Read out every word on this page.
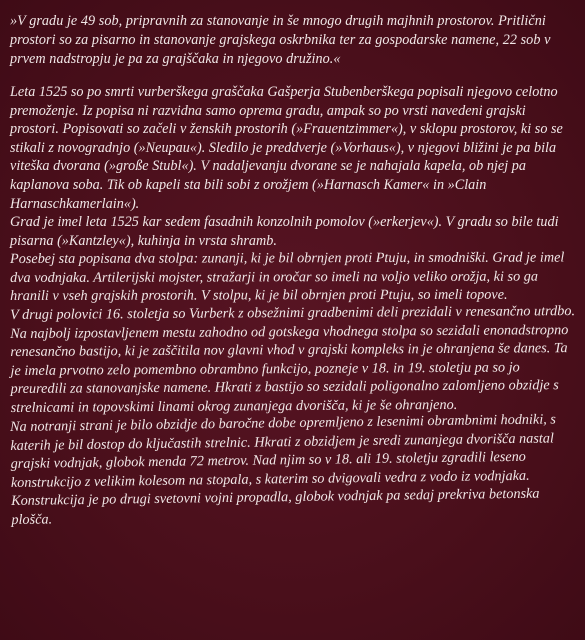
»V gradu je 49 sob, pripravnih za stanovanje in še mnogo drugih majhnih prostorov. Pritlični prostori so za pisarno in stanovanje grajskega oskrbnika ter za gospodarske namene, 22 sob v prvem nadstropju je pa za grajščaka in njegovo družino.«

Leta 1525 so po smrti vurberškega graščaka Gašperja Stubenberškega popisali njegovo celotno premoženje. Iz popisa ni razvidna samo oprema gradu, ampak so po vrsti navedeni grajski prostori. Popisovati so začeli v ženskih prostorih (»Frauentzimmer«), v sklopu prostorov, ki so se stikali z novogradnjo (»Neupau«). Sledilo je preddverje (»Vorhaus«), v njegovi bližini je pa bila viteška dvorana (»große Stubl«). V nadaljevanju dvorane se je nahajala kapela, ob njej pa kaplanova soba. Tik ob kapeli sta bili sobi z orožjem (»Harnasch Kamer« in »Clain Harnaschkamerlain«).

Grad je imel leta 1525 kar sedem fasadnih konzolnih pomolov (»erkerjev«). V gradu so bile tudi pisarna (»Kantzley«), kuhinja in vrsta shramb.

Posebej sta popisana dva stolpa: zunanji, ki je bil obrnjen proti Ptuju, in smodniški. Grad je imel dva vodnjaka. Artilerijski mojster, stražarji in oročar so imeli na voljo veliko orožja, ki so ga hranili v vseh grajskih prostorih. V stolpu, ki je bil obrnjen proti Ptuju, so imeli topove.

V drugi polovici 16. stoletja so Vurberk z obsežnimi gradbenimi deli prezidali v renesančno utrdbo. Na najbolj izpostavljenem mestu zahodno od gotskega vhodnega stolpa so sezidali enonadstropno renesančno bastijo, ki je zaščitila nov glavni vhod v grajski kompleks in je ohranjena še danes. Ta je imela prvotno zelo pomembno obrambno funkcijo, pozneje v 18. in 19. stoletju pa so jo preuredili za stanovanjske namene. Hkrati z bastijo so sezidali poligonalno zalomljeno obzidje s strelnicami in topovskimi linami okrog zunanjega dvorišča, ki je še ohranjeno.

Na notranji strani je bilo obzidje do baročne dobe opremljeno z lesenimi obrambnimi hodniki, s katerih je bil dostop do ključastih strelnic. Hkrati z obzidjem je sredi zunanjega dvorišča nastal grajski vodnjak, globok menda 72 metrov. Nad njim so v 18. ali 19. stoletju zgradili leseno konstrukcijo z velikim kolesom na stopala, s katerim so dvigovali vedra z vodo iz vodnjaka. Konstrukcija je po drugi svetovni vojni propadla, globok vodnjak pa sedaj prekriva betonska plošča.
